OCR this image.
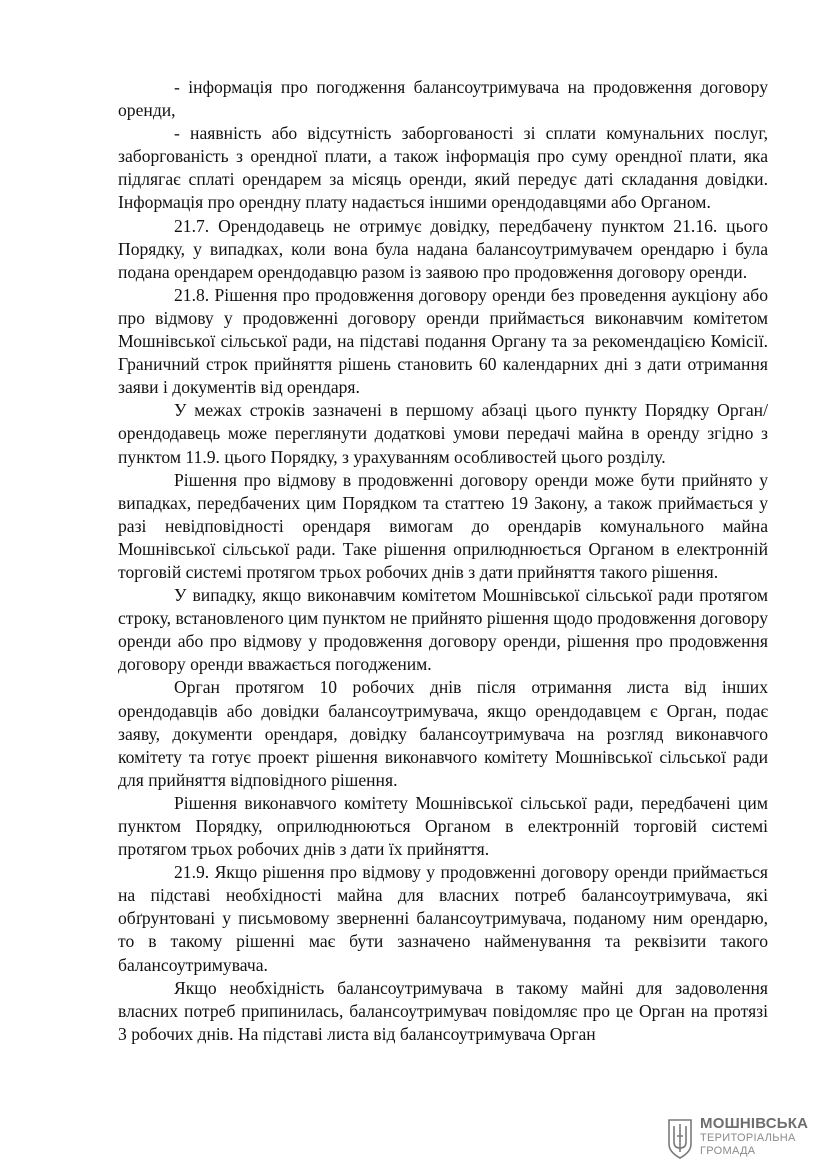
- інформація про погодження балансоутримувача на продовження договору оренди,

- наявність або відсутність заборгованості зі сплати комунальних послуг, заборгованість з орендної плати, а також інформація про суму орендної плати, яка підлягає сплаті орендарем за місяць оренди, який передує даті складання довідки. Інформація про орендну плату надається іншими орендодавцями або Органом.

21.7. Орендодавець не отримує довідку, передбачену пунктом 21.16. цього Порядку, у випадках, коли вона була надана балансоутримувачем орендарю і була подана орендарем орендодавцю разом із заявою про продовження договору оренди.

21.8. Рішення про продовження договору оренди без проведення аукціону або про відмову у продовженні договору оренди приймається виконавчим комітетом Мошнівської сільської ради, на підставі подання Органу та за рекомендацією Комісії. Граничний строк прийняття рішень становить 60 календарних дні з дати отримання заяви і документів від орендаря.

У межах строків зазначені в першому абзаці цього пункту Порядку Орган/орендодавець може переглянути додаткові умови передачі майна в оренду згідно з пунктом 11.9. цього Порядку, з урахуванням особливостей цього розділу.

Рішення про відмову в продовженні договору оренди може бути прийнято у випадках, передбачених цим Порядком та статтею 19 Закону, а також приймається у разі невідповідності орендаря вимогам до орендарів комунального майна Мошнівської сільської ради. Таке рішення оприлюднюється Органом в електронній торговій системі протягом трьох робочих днів з дати прийняття такого рішення.

У випадку, якщо виконавчим комітетом Мошнівської сільської ради протягом строку, встановленого цим пунктом не прийнято рішення щодо продовження договору оренди або про відмову у продовження договору оренди, рішення про продовження договору оренди вважається погодженим.

Орган протягом 10 робочих днів після отримання листа від інших орендодавців або довідки балансоутримувача, якщо орендодавцем є Орган, подає заяву, документи орендаря, довідку балансоутримувача на розгляд виконавчого комітету та готує проект рішення виконавчого комітету Мошнівської сільської ради для прийняття відповідного рішення.

Рішення виконавчого комітету Мошнівської сільської ради, передбачені цим пунктом Порядку, оприлюднюються Органом в електронній торговій системі протягом трьох робочих днів з дати їх прийняття.

21.9. Якщо рішення про відмову у продовженні договору оренди приймається на підставі необхідності майна для власних потреб балансоутримувача, які обґрунтовані у письмовому зверненні балансоутримувача, поданому ним орендарю, то в такому рішенні має бути зазначено найменування та реквізити такого балансоутримувача.

Якщо необхідність балансоутримувача в такому майні для задоволення власних потреб припинилась, балансоутримувач повідомляє про це Орган на протязі 3 робочих днів. На підставі листа від балансоутримувача Орган

МОШНІВСЬКА
ТЕРИТОРІАЛЬНА
ГРОМАДА
